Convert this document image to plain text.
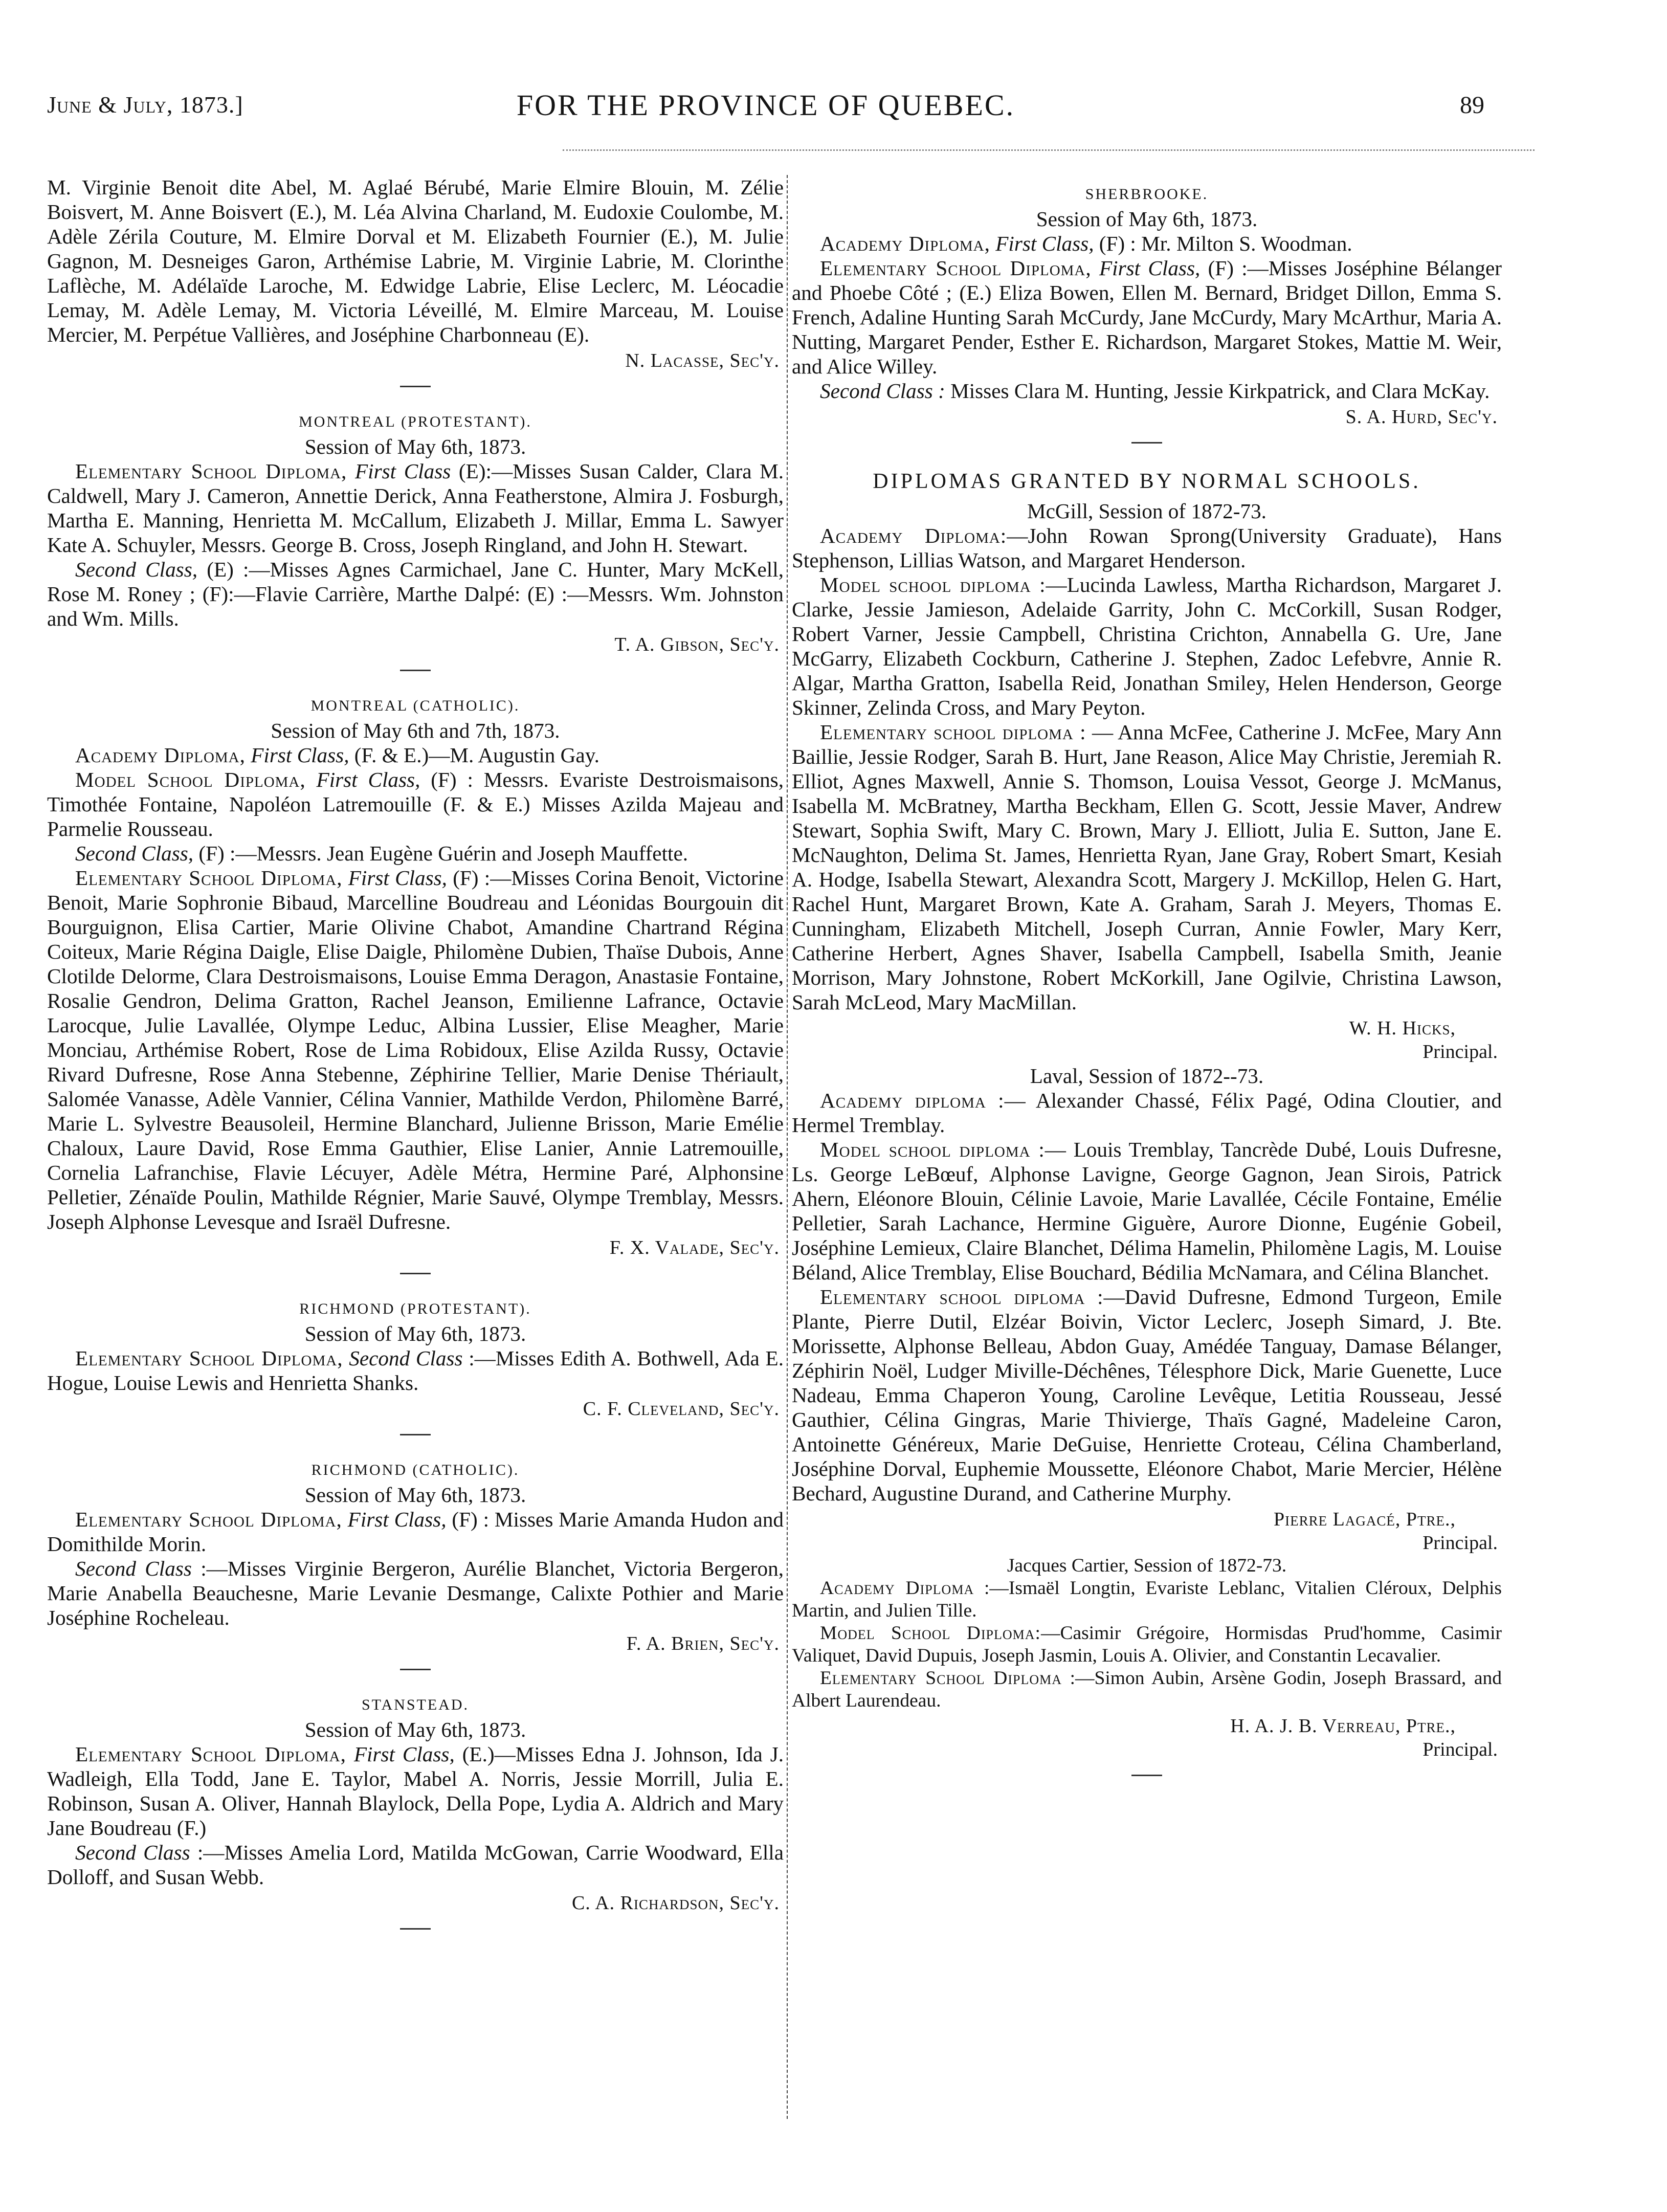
June & July, 1873.]	FOR THE PROVINCE OF QUEBEC.	89

M. Virginie Benoit dite Abel, M. Aglaé Bérubé, Marie Elmire Blouin, M. Zélie Boisvert, M. Anne Boisvert (E.), M. Léa Alvina Charland, M. Eudoxie Coulombe, M. Adèle Zérila Couture, M. Elmire Dorval et M. Elizabeth Fournier (E.), M. Julie Gagnon, M. Desneiges Garon, Arthémise Labrie, M. Virginie Labrie, M. Clorinthe Laflèche, M. Adélaïde Laroche, M. Edwidge Labrie, Elise Leclerc, M. Léocadie Lemay, M. Adèle Lemay, M. Victoria Léveillé, M. Elmire Marceau, M. Louise Mercier, M. Perpétue Vallières, and Joséphine Charbonneau (E).

N. Lacasse, Sec'y.
MONTREAL (PROTESTANT).

Session of May 6th, 1873.

Elementary School Diploma, First Class (E):—Misses Susan Calder, Clara M. Caldwell, Mary J. Cameron, Annettie Derick, Anna Featherstone, Almira J. Fosburgh, Martha E. Manning, Henrietta M. McCallum, Elizabeth J. Millar, Emma L. Sawyer Kate A. Schuyler, Messrs. George B. Cross, Joseph Ringland, and John H. Stewart.

Second Class, (E) :—Misses Agnes Carmichael, Jane C. Hunter, Mary McKell, Rose M. Roney ; (F):—Flavie Carrière, Marthe Dalpé: (E) :—Messrs. Wm. Johnston and Wm. Mills.

T. A. Gibson, Sec'y.
MONTREAL (CATHOLIC).

Session of May 6th and 7th, 1873.

Academy Diploma, First Class, (F. & E.)—M. Augustin Gay.

Model School Diploma, First Class, (F) : Messrs. Evariste Destroismaisons, Timothée Fontaine, Napoléon Latremouille (F. & E.) Misses Azilda Majeau and Parmelie Rousseau.

Second Class, (F) :—Messrs. Jean Eugène Guérin and Joseph Mauffette.

Elementary School Diploma, First Class, (F) :—Misses Corina Benoit, Victorine Benoit, Marie Sophronie Bibaud, Marcelline Boudreau and Léonidas Bourgouin dit Bourguignon, Elisa Cartier, Marie Olivine Chabot, Amandine Chartrand Régina Coiteux, Marie Régina Daigle, Elise Daigle, Philomène Dubien, Thaïse Dubois, Anne Clotilde Delorme, Clara Destroismaisons, Louise Emma Deragon, Anastasie Fontaine, Rosalie Gendron, Delima Gratton, Rachel Jeanson, Emilienne Lafrance, Octavie Larocque, Julie Lavallée, Olympe Leduc, Albina Lussier, Elise Meagher, Marie Monciau, Arthémise Robert, Rose de Lima Robidoux, Elise Azilda Russy, Octavie Rivard Dufresne, Rose Anna Stebenne, Zéphirine Tellier, Marie Denise Thériault, Salomée Vanasse, Adèle Vannier, Célina Vannier, Mathilde Verdon, Philomène Barré, Marie L. Sylvestre Beausoleil, Hermine Blanchard, Julienne Brisson, Marie Emélie Chaloux, Laure David, Rose Emma Gauthier, Elise Lanier, Annie Latremouille, Cornelia Lafranchise, Flavie Lécuyer, Adèle Métra, Hermine Paré, Alphonsine Pelletier, Zénaïde Poulin, Mathilde Régnier, Marie Sauvé, Olympe Tremblay, Messrs. Joseph Alphonse Levesque and Israël Dufresne.

F. X. Valade, Sec'y.
RICHMOND (PROTESTANT).

Session of May 6th, 1873.

Elementary School Diploma, Second Class :—Misses Edith A. Bothwell, Ada E. Hogue, Louise Lewis and Henrietta Shanks.

C. F. Cleveland, Sec'y.
RICHMOND (CATHOLIC).

Session of May 6th, 1873.

Elementary School Diploma, First Class, (F) : Misses Marie Amanda Hudon and Domithilde Morin.

Second Class :—Misses Virginie Bergeron, Aurélie Blanchet, Victoria Bergeron, Marie Anabella Beauchesne, Marie Levanie Desmange, Calixte Pothier and Marie Joséphine Rocheleau.

F. A. Brien, Sec'y.
STANSTEAD.

Session of May 6th, 1873.

Elementary School Diploma, First Class, (E.)—Misses Edna J. Johnson, Ida J. Wadleigh, Ella Todd, Jane E. Taylor, Mabel A. Norris, Jessie Morrill, Julia E. Robinson, Susan A. Oliver, Hannah Blaylock, Della Pope, Lydia A. Aldrich and Mary Jane Boudreau (F.)

Second Class :—Misses Amelia Lord, Matilda McGowan, Carrie Woodward, Ella Dolloff, and Susan Webb.

C. A. Richardson, Sec'y.
SHERBROOKE.

Session of May 6th, 1873.

Academy Diploma, First Class, (F) : Mr. Milton S. Woodman.

Elementary School Diploma, First Class, (F) :—Misses Joséphine Bélanger and Phoebe Côté ; (E.) Eliza Bowen, Ellen M. Bernard, Bridget Dillon, Emma S. French, Adaline Hunting Sarah McCurdy, Jane McCurdy, Mary McArthur, Maria A. Nutting, Margaret Pender, Esther E. Richardson, Margaret Stokes, Mattie M. Weir, and Alice Willey.

Second Class : Misses Clara M. Hunting, Jessie Kirkpatrick, and Clara McKay.

S. A. Hurd, Sec'y.
DIPLOMAS GRANTED BY NORMAL SCHOOLS.

McGill, Session of 1872-73.

Academy Diploma:—John Rowan Sprong(University Graduate), Hans Stephenson, Lillias Watson, and Margaret Henderson.

Model school diploma :—Lucinda Lawless, Martha Richardson, Margaret J. Clarke, Jessie Jamieson, Adelaide Garrity, John C. McCorkill, Susan Rodger, Robert Varner, Jessie Campbell, Christina Crichton, Annabella G. Ure, Jane McGarry, Elizabeth Cockburn, Catherine J. Stephen, Zadoc Lefebvre, Annie R. Algar, Martha Gratton, Isabella Reid, Jonathan Smiley, Helen Henderson, George Skinner, Zelinda Cross, and Mary Peyton.

Elementary school diploma : — Anna McFee, Catherine J. McFee, Mary Ann Baillie, Jessie Rodger, Sarah B. Hurt, Jane Reason, Alice May Christie, Jeremiah R. Elliot, Agnes Maxwell, Annie S. Thomson, Louisa Vessot, George J. McManus, Isabella M. McBratney, Martha Beckham, Ellen G. Scott, Jessie Maver, Andrew Stewart, Sophia Swift, Mary C. Brown, Mary J. Elliott, Julia E. Sutton, Jane E. McNaughton, Delima St. James, Henrietta Ryan, Jane Gray, Robert Smart, Kesiah A. Hodge, Isabella Stewart, Alexandra Scott, Margery J. McKillop, Helen G. Hart, Rachel Hunt, Margaret Brown, Kate A. Graham, Sarah J. Meyers, Thomas E. Cunningham, Elizabeth Mitchell, Joseph Curran, Annie Fowler, Mary Kerr, Catherine Herbert, Agnes Shaver, Isabella Campbell, Isabella Smith, Jeanie Morrison, Mary Johnstone, Robert McKorkill, Jane Ogilvie, Christina Lawson, Sarah McLeod, Mary MacMillan.

W. H. Hicks,
Principal.

Laval, Session of 1872--73.

Academy diploma :— Alexander Chassé, Félix Pagé, Odina Cloutier, and Hermel Tremblay.

Model school diploma :— Louis Tremblay, Tancrède Dubé, Louis Dufresne, Ls. George LeBœuf, Alphonse Lavigne, George Gagnon, Jean Sirois, Patrick Ahern, Eléonore Blouin, Célinie Lavoie, Marie Lavallée, Cécile Fontaine, Emélie Pelletier, Sarah Lachance, Hermine Giguère, Aurore Dionne, Eugénie Gobeil, Joséphine Lemieux, Claire Blanchet, Délima Hamelin, Philomène Lagis, M. Louise Béland, Alice Tremblay, Elise Bouchard, Bédilia McNamara, and Célina Blanchet.

Elementary school diploma :—David Dufresne, Edmond Turgeon, Emile Plante, Pierre Dutil, Elzéar Boivin, Victor Leclerc, Joseph Simard, J. Bte. Morissette, Alphonse Belleau, Abdon Guay, Amédée Tanguay, Damase Bélanger, Zéphirin Noël, Ludger Miville-Déchênes, Télesphore Dick, Marie Guenette, Luce Nadeau, Emma Chaperon Young, Caroline Levêque, Letitia Rousseau, Jessé Gauthier, Célina Gingras, Marie Thivierge, Thaïs Gagné, Madeleine Caron, Antoinette Généreux, Marie DeGuise, Henriette Croteau, Célina Chamberland, Joséphine Dorval, Euphemie Moussette, Eléonore Chabot, Marie Mercier, Hélène Bechard, Augustine Durand, and Catherine Murphy.

Pierre Lagacé, Ptre.,
Principal.

Jacques Cartier, Session of 1872-73.

Academy Diploma :—Ismaël Longtin, Evariste Leblanc, Vitalien Cléroux, Delphis Martin, and Julien Tille.

Model School Diploma:—Casimir Grégoire, Hormisdas Prud'homme, Casimir Valiquet, David Dupuis, Joseph Jasmin, Louis A. Olivier, and Constantin Lecavalier.

Elementary School Diploma :—Simon Aubin, Arsène Godin, Joseph Brassard, and Albert Laurendeau.

H. A. J. B. Verreau, Ptre.,
Principal.
